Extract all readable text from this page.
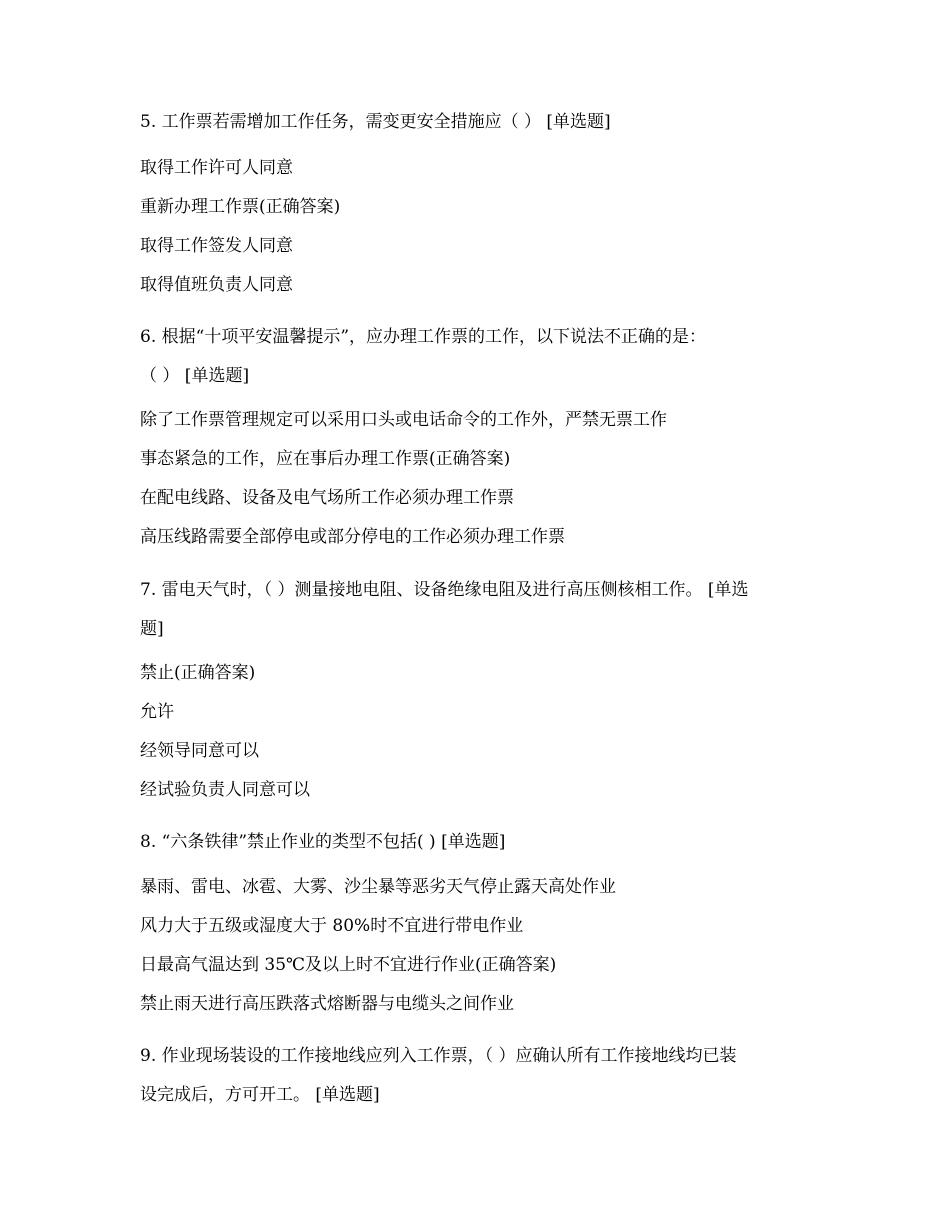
5. 工作票若需增加工作任务，需变更安全措施应（ ） [单选题]
取得工作许可人同意
重新办理工作票(正确答案)
取得工作签发人同意
取得值班负责人同意
6. 根据“十项平安温馨提示”，应办理工作票的工作，以下说法不正确的是：
（ ） [单选题]
除了工作票管理规定可以采用口头或电话命令的工作外，严禁无票工作
事态紧急的工作，应在事后办理工作票(正确答案)
在配电线路、设备及电气场所工作必须办理工作票
高压线路需要全部停电或部分停电的工作必须办理工作票
7. 雷电天气时，（ ）测量接地电阻、设备绝缘电阻及进行高压侧核相工作。 [单选
题]
禁止(正确答案)
允许
经领导同意可以
经试验负责人同意可以
8. “六条铁律”禁止作业的类型不包括( ) [单选题]
暴雨、雷电、冰雹、大雾、沙尘暴等恶劣天气停止露天高处作业
风力大于五级或湿度大于 80%时不宜进行带电作业
日最高气温达到 35℃及以上时不宜进行作业(正确答案)
禁止雨天进行高压跌落式熔断器与电缆头之间作业
9. 作业现场装设的工作接地线应列入工作票，（ ）应确认所有工作接地线均已装
设完成后，方可开工。 [单选题]
